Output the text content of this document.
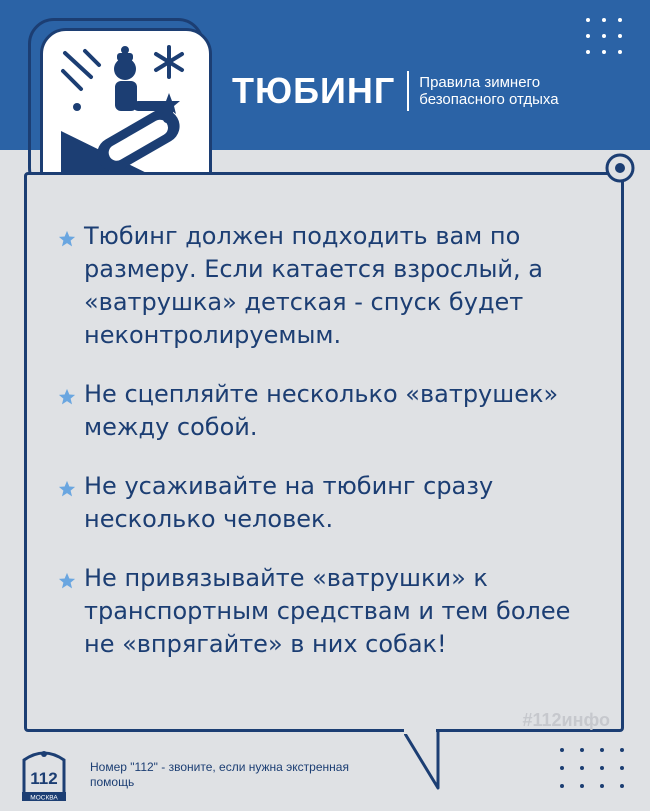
ТЮБИНГ Правила зимнего безопасного отдыха

Тюбинг должен подходить вам по размеру. Если катается взрослый, а «ватрушка» детская - спуск будет неконтролируемым.

Не сцепляйте несколько «ватрушек» между собой.

Не усаживайте на тюбинг сразу несколько человек.

Не привязывайте «ватрушки» к транспортным средствам и тем более не «впрягайте» в них собак!

#112инфо
112
МОСКВА
Номер "112" - звоните, если нужна экстренная помощь
